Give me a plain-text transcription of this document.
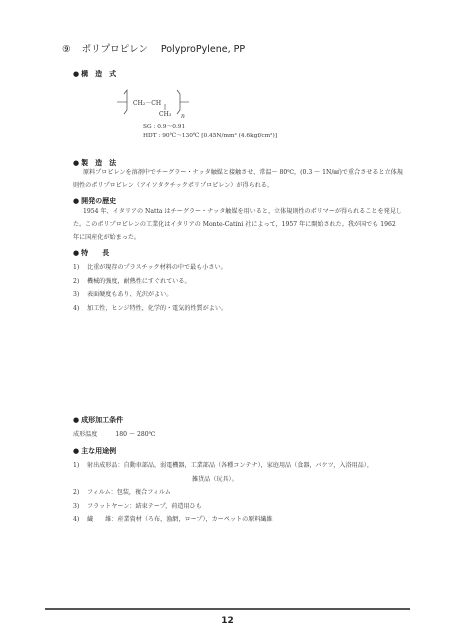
⑨ ポリプロピレン PolyproPylene, PP
● 構　造　式
CH₂－CH
CH₃ n
SG : 0.9～0.91
HDT : 90℃～130℃ [0.45N/mm² (4.6kgf/cm²)]
● 製　造　法
原料プロピレンを溶剤中でチーグラー・ナッタ触媒と接触させ、常温～ 80℃，(0.3 ～ 1N/㎟)で重合させると立体規則性のポリプロピレン（アイソタクチックポリプロピレン）が得られる。
● 開発の歴史
1954 年、イタリアの Natta はチーグラー・ナッタ触媒を用いると、立体規則性のポリマーが得られることを発見した。このポリプロピレンの工業化はイタリアの Monte-Catini 社によって，1957 年に開始された。我が国でも 1962 年に国産化が始まった。
● 特　　長
1) 比重が現存のプラスチック材料の中で最も小さい。
2) 機械的強度，耐熱性にすぐれている。
3) 表面硬度もあり、光沢がよい。
4) 加工性，ヒンジ特性，化学的・電気的性質がよい。
● 成形加工条件
成形温度	180 ～ 280℃
● 主な用途例
1) 射出成形品：自動車部品，弱電機器，工業部品（各種コンテナ），家庭用品（食器，バケツ，入浴用品），
雑貨品（玩具）。
2) フィルム：包装，複合フィルム
3) フラットヤーン：結束テープ，荷造用ひも
4) 繊　　維：産業資材（ろ布，漁網，ロープ），カーペットの原料繊維
12
